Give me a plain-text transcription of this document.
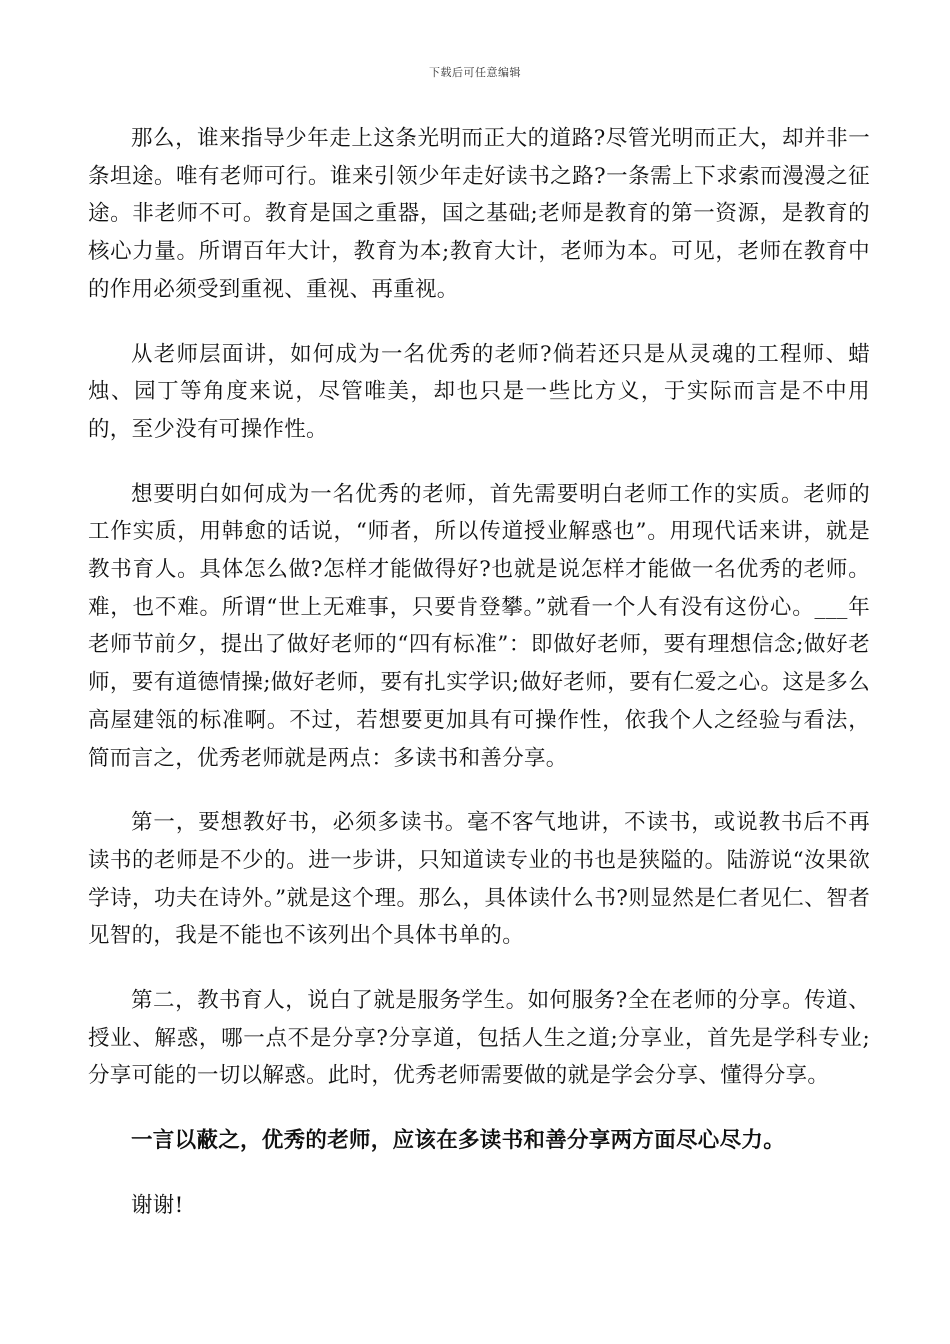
下载后可任意编辑

那么，谁来指导少年走上这条光明而正大的道路?尽管光明而正大，却并非一条坦途。唯有老师可行。谁来引领少年走好读书之路?一条需上下求索而漫漫之征途。非老师不可。教育是国之重器，国之基础;老师是教育的第一资源，是教育的核心力量。所谓百年大计，教育为本;教育大计，老师为本。可见，老师在教育中的作用必须受到重视、重视、再重视。

从老师层面讲，如何成为一名优秀的老师?倘若还只是从灵魂的工程师、蜡烛、园丁等角度来说，尽管唯美，却也只是一些比方义，于实际而言是不中用的，至少没有可操作性。

想要明白如何成为一名优秀的老师，首先需要明白老师工作的实质。老师的工作实质，用韩愈的话说，“师者，所以传道授业解惑也”。用现代话来讲，就是教书育人。具体怎么做?怎样才能做得好?也就是说怎样才能做一名优秀的老师。难，也不难。所谓“世上无难事，只要肯登攀。”就看一个人有没有这份心。___年老师节前夕，提出了做好老师的“四有标准”：即做好老师，要有理想信念;做好老师，要有道德情操;做好老师，要有扎实学识;做好老师，要有仁爱之心。这是多么高屋建瓴的标准啊。不过，若想要更加具有可操作性，依我个人之经验与看法，简而言之，优秀老师就是两点：多读书和善分享。

第一，要想教好书，必须多读书。毫不客气地讲，不读书，或说教书后不再读书的老师是不少的。进一步讲，只知道读专业的书也是狭隘的。陆游说“汝果欲学诗，功夫在诗外。”就是这个理。那么，具体读什么书?则显然是仁者见仁、智者见智的，我是不能也不该列出个具体书单的。

第二，教书育人，说白了就是服务学生。如何服务?全在老师的分享。传道、授业、解惑，哪一点不是分享?分享道，包括人生之道;分享业，首先是学科专业;分享可能的一切以解惑。此时，优秀老师需要做的就是学会分享、懂得分享。

一言以蔽之，优秀的老师，应该在多读书和善分享两方面尽心尽力。

谢谢!
